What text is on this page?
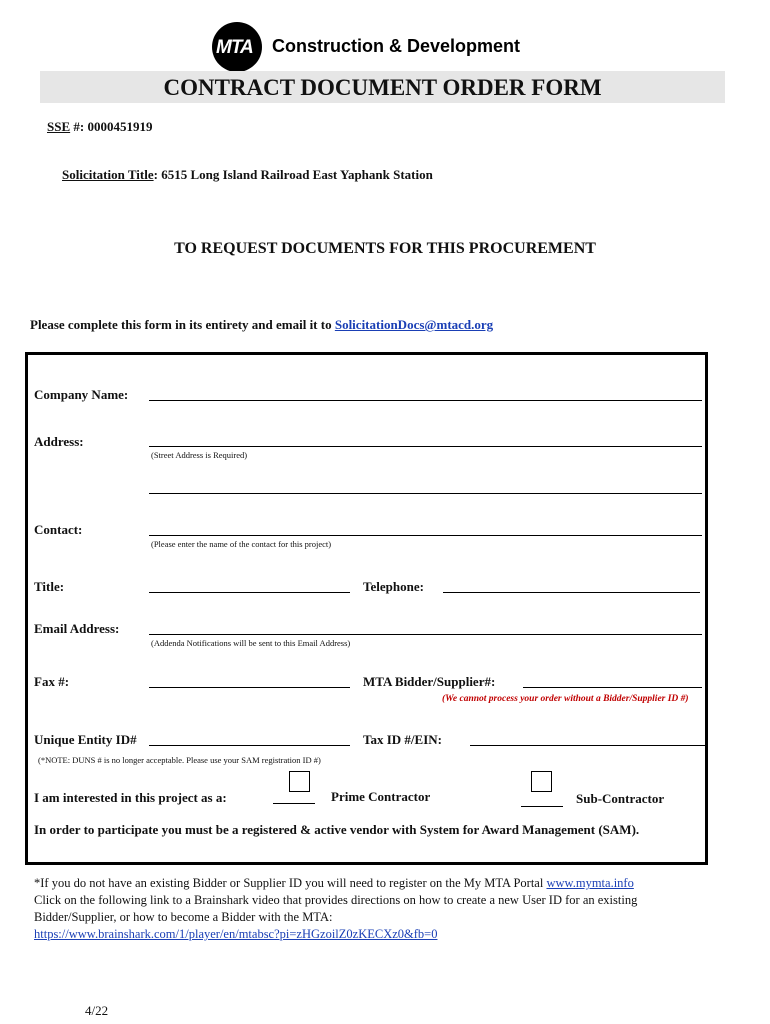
MTA Construction & Development
CONTRACT DOCUMENT ORDER FORM
SSE #: 0000451919
Solicitation Title: 6515 Long Island Railroad East Yaphank Station
TO REQUEST DOCUMENTS FOR THIS PROCUREMENT
Please complete this form in its entirety and email it to SolicitationDocs@mtacd.org
Company Name:
Address:
(Street Address is Required)
Contact:
(Please enter the name of the contact for this project)
Title:	Telephone:
Email Address:
(Addenda Notifications will be sent to this Email Address)
Fax #:	MTA Bidder/Supplier#:
(We cannot process your order without a Bidder/Supplier ID #)
Unique Entity ID#	Tax ID #/EIN:
(*NOTE: DUNS # is no longer acceptable. Please use your SAM registration ID #)
I am interested in this project as a:	Prime Contractor	Sub-Contractor
In order to participate you must be a registered & active vendor with System for Award Management (SAM).
*If you do not have an existing Bidder or Supplier ID you will need to register on the My MTA Portal www.mymta.info
Click on the following link to a Brainshark video that provides directions on how to create a new User ID for an existing
Bidder/Supplier, or how to become a Bidder with the MTA:
https://www.brainshark.com/1/player/en/mtabsc?pi=zHGzoilZ0zKECXz0&fb=0
4/22
